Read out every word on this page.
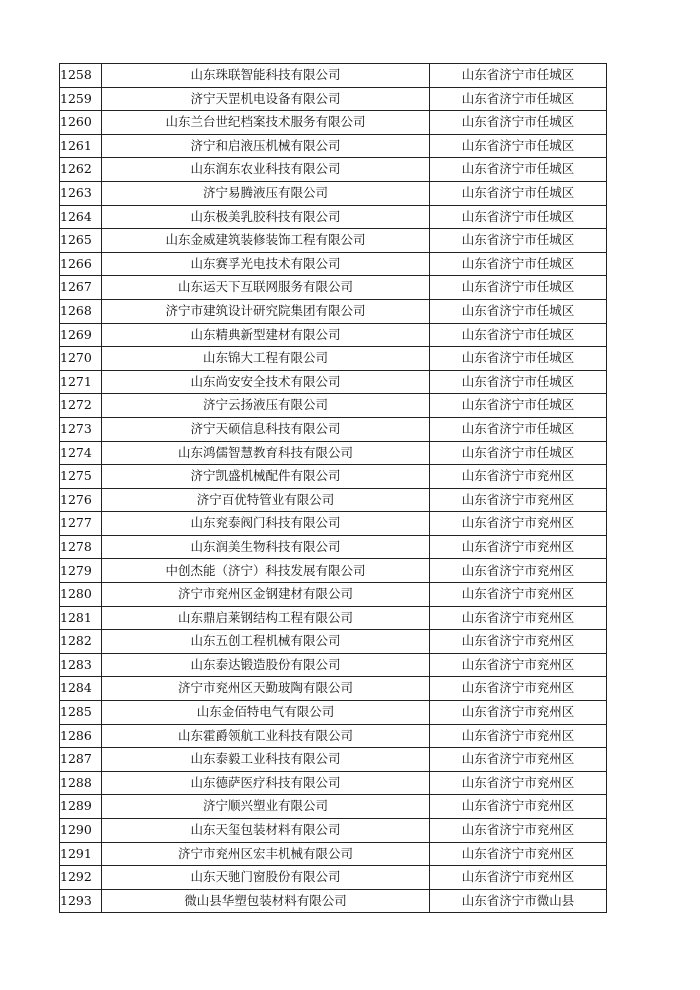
1258	山东珠联智能科技有限公司	山东省济宁市任城区
1259	济宁天罡机电设备有限公司	山东省济宁市任城区
1260	山东兰台世纪档案技术服务有限公司	山东省济宁市任城区
1261	济宁和启液压机械有限公司	山东省济宁市任城区
1262	山东润东农业科技有限公司	山东省济宁市任城区
1263	济宁易腾液压有限公司	山东省济宁市任城区
1264	山东极美乳胶科技有限公司	山东省济宁市任城区
1265	山东金威建筑装修装饰工程有限公司	山东省济宁市任城区
1266	山东赛孚光电技术有限公司	山东省济宁市任城区
1267	山东运天下互联网服务有限公司	山东省济宁市任城区
1268	济宁市建筑设计研究院集团有限公司	山东省济宁市任城区
1269	山东精典新型建材有限公司	山东省济宁市任城区
1270	山东锦大工程有限公司	山东省济宁市任城区
1271	山东尚安安全技术有限公司	山东省济宁市任城区
1272	济宁云扬液压有限公司	山东省济宁市任城区
1273	济宁天硕信息科技有限公司	山东省济宁市任城区
1274	山东鸿儒智慧教育科技有限公司	山东省济宁市任城区
1275	济宁凯盛机械配件有限公司	山东省济宁市兖州区
1276	济宁百优特管业有限公司	山东省济宁市兖州区
1277	山东兖泰阀门科技有限公司	山东省济宁市兖州区
1278	山东润美生物科技有限公司	山东省济宁市兖州区
1279	中创杰能（济宁）科技发展有限公司	山东省济宁市兖州区
1280	济宁市兖州区金钢建材有限公司	山东省济宁市兖州区
1281	山东鼎启莱钢结构工程有限公司	山东省济宁市兖州区
1282	山东五创工程机械有限公司	山东省济宁市兖州区
1283	山东泰达锻造股份有限公司	山东省济宁市兖州区
1284	济宁市兖州区天勤玻陶有限公司	山东省济宁市兖州区
1285	山东金佰特电气有限公司	山东省济宁市兖州区
1286	山东霍爵领航工业科技有限公司	山东省济宁市兖州区
1287	山东泰毅工业科技有限公司	山东省济宁市兖州区
1288	山东德萨医疗科技有限公司	山东省济宁市兖州区
1289	济宁顺兴塑业有限公司	山东省济宁市兖州区
1290	山东天玺包装材料有限公司	山东省济宁市兖州区
1291	济宁市兖州区宏丰机械有限公司	山东省济宁市兖州区
1292	山东天驰门窗股份有限公司	山东省济宁市兖州区
1293	微山县华塑包装材料有限公司	山东省济宁市微山县
